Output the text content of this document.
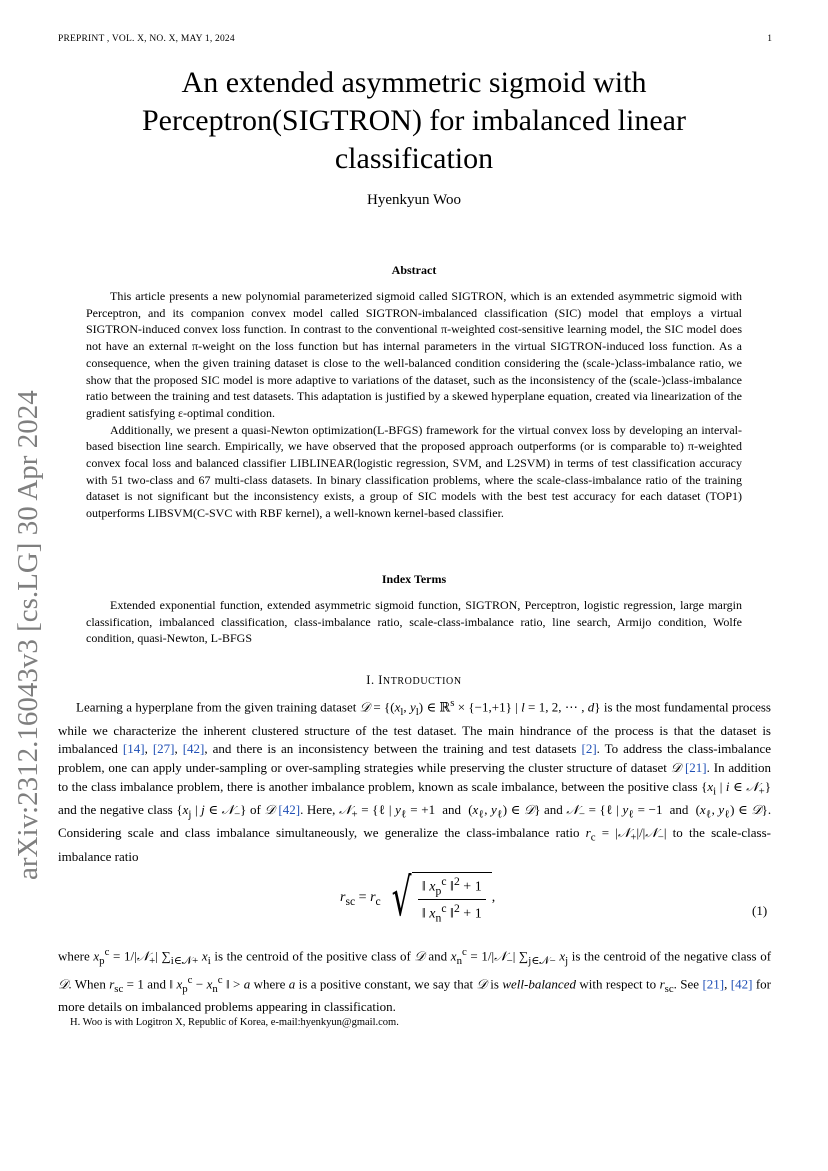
PREPRINT , VOL. X, NO. X, MAY 1, 2024	1
arXiv:2312.16043v3 [cs.LG] 30 Apr 2024
An extended asymmetric sigmoid with
Perceptron(SIGTRON) for imbalanced linear
classification
Hyenkyun Woo
Abstract

This article presents a new polynomial parameterized sigmoid called SIGTRON, which is an extended asymmetric sigmoid with Perceptron, and its companion convex model called SIGTRON-imbalanced classification (SIC) model that employs a virtual SIGTRON-induced convex loss function. In contrast to the conventional π-weighted cost-sensitive learning model, the SIC model does not have an external π-weight on the loss function but has internal parameters in the virtual SIGTRON-induced loss function. As a consequence, when the given training dataset is close to the well-balanced condition considering the (scale-)class-imbalance ratio, we show that the proposed SIC model is more adaptive to variations of the dataset, such as the inconsistency of the (scale-)class-imbalance ratio between the training and test datasets. This adaptation is justified by a skewed hyperplane equation, created via linearization of the gradient satisfying ε-optimal condition.

Additionally, we present a quasi-Newton optimization(L-BFGS) framework for the virtual convex loss by developing an interval-based bisection line search. Empirically, we have observed that the proposed approach outperforms (or is comparable to) π-weighted convex focal loss and balanced classifier LIBLINEAR(logistic regression, SVM, and L2SVM) in terms of test classification accuracy with 51 two-class and 67 multi-class datasets. In binary classification problems, where the scale-class-imbalance ratio of the training dataset is not significant but the inconsistency exists, a group of SIC models with the best test accuracy for each dataset (TOP1) outperforms LIBSVM(C-SVC with RBF kernel), a well-known kernel-based classifier.

Index Terms
Extended exponential function, extended asymmetric sigmoid function, SIGTRON, Perceptron, logistic regression, large margin classification, imbalanced classification, class-imbalance ratio, scale-class-imbalance ratio, line search, Armijo condition, Wolfe condition, quasi-Newton, L-BFGS
I. INTRODUCTION
Learning a hyperplane from the given training dataset 𝒟 = {($x_l$, $y_l$) ∈ ℝ$^s$ × {−1,+1} | l = 1, 2, ⋯ , d} is the most fundamental process while we characterize the inherent clustered structure of the test dataset. The main hindrance of the process is that the dataset is imbalanced [14], [27], [42], and there is an inconsistency between the training and test datasets [2]. To address the class-imbalance problem, one can apply under-sampling or over-sampling strategies while preserving the cluster structure of dataset 𝒟 [21]. In addition to the class imbalance problem, there is another imbalance problem, known as scale imbalance, between the positive class {$x_i$ | i ∈ 𝒩$_+$} and the negative class {$x_j$ | j ∈ 𝒩$_-$} of 𝒟 [42]. Here, 𝒩$_+$ = {ℓ | $y_\ell = +1$  and  ($x_\ell$, $y_\ell$) ∈ 𝒟} and 𝒩$_-$ = {ℓ | $y_\ell = -1$  and  ($x_\ell$, $y_\ell$) ∈ 𝒟}. Considering scale and class imbalance simultaneously, we generalize the class-imbalance ratio $r_c$ = |𝒩$_+$|/|𝒩$_-$| to the scale-class-imbalance ratio
$r_{sc} = r_c$ √ $\frac{‖ x_p^c ‖^2 + 1}{‖ x_n^c ‖^2 + 1}$ ,
(1)
where $x_p^c$ = 1/|𝒩$_+$| $\sum_{i\in 𝒩+}$ $x_i$ is the centroid of the positive class of 𝒟 and $x_n^c$ = 1/|𝒩$_-$| $\sum_{j\in 𝒩-}$ $x_j$ is the centroid of the negative class of 𝒟. When $r_{sc} = 1$ and ‖ $x_p^c - x_n^c$ ‖ > a where a is a positive constant, we say that 𝒟 is well-balanced with respect to $r_{sc}$. See [21], [42] for more details on imbalanced problems appearing in classification.
H. Woo is with Logitron X, Republic of Korea, e-mail:hyenkyun@gmail.com.
